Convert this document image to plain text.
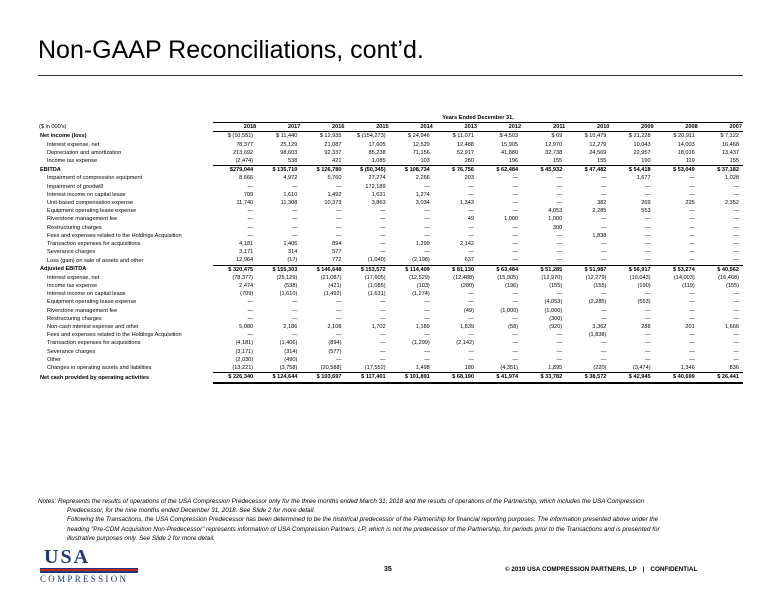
Non-GAAP Reconciliations, cont’d.
	Years Ended December 31,											
($ in 000's)	2018	2017	2016	2015	2014	2013	2012	2011	2010	2009	2008	2007
Net income (loss)	$ (10,551)	$ 11,440	$ 12,935	$ (154,273)	$ 24,946	$ 11,071	$ 4,503	$ 69	$ 10,479	$ 21,228	$ 20,911	$ 7,122
Interest expense, net	78,377	25,129	21,087	17,605	12,529	12,488	15,905	12,970	12,279	10,043	14,003	16,468
Depreciation and amortization	213,692	98,603	92,337	85,238	71,156	52,917	41,880	32,738	24,569	22,957	18,016	13,437
Income tax expense	(2,474)	538	421	1,085	103	280	196	155	155	190	119	155
EBITDA	$279,044	$ 135,710	$ 126,780	$ (50,345)	$ 108,734	$ 76,756	$ 62,484	$ 45,932	$ 47,482	$ 54,418	$ 53,049	$ 37,182
Impairment of compression equipment	8,666	4,972	5,760	27,274	2,266	203	—	—	—	1,677	—	1,028
Impairment of goodwill	—	—	—	172,189	—	—	—	—	—	—	—	—
Interest income on capital lease	709	1,610	1,492	1,631	1,274	—	—	—	—	—	—	—
Unit-based compensation expense	11,740	11,308	10,373	3,863	3,034	1,343	—	—	382	269	225	2,352
Equipment operating lease expense	—	—	—	—	—	—	—	4,053	2,285	553	—	—
Riverstone management fee	—	—	—	—	—	49	1,000	1,000	—	—	—	—
Restructuring charges	—	—	—	—	—	—	—	300	—	—	—	—
Fees and expenses related to the Holdings Acquisition	—	—	—	—	—	—	—	—	1,838	—	—	—
Transaction expenses for acquisitions	4,181	1,406	894	—	1,299	2,142	—	—	—	—	—	—
Severance charges	3,171	314	577	—	—	—	—	—	—	—	—	—
Loss (gain) on sale of assets and other	12,964	(17)	772	(1,040)	(2,198)	637	—	—	—	—	—	—
Adjusted EBITDA	$ 320,475	$ 155,303	$ 146,648	$ 153,572	$ 114,409	$ 81,130	$ 63,484	$ 51,285	$ 51,987	$ 56,917	$ 53,274	$ 40,562
Interest expense, net	(78,377)	(25,129)	(21,087)	(17,605)	(12,529)	(12,488)	(15,905)	(12,970)	(12,279)	(10,043)	(14,003)	(16,468)
Income tax expense	2,474	(538)	(421)	(1,085)	(103)	(280)	(196)	(155)	(155)	(190)	(119)	(155)
Interest income on capital lease	(709)	(1,610)	(1,492)	(1,631)	(1,274)	—	—	—	—	—	—	—
Equipment operating lease expense	—	—	—	—	—	—	—	(4,053)	(2,285)	(553)	—	—
Riverstone management fee	—	—	—	—	—	(49)	(1,000)	(1,000)	—	—	—	—
Restructuring charges	—	—	—	—	—	—	—	(300)	—	—	—	—
Non-cash interest expense and other	5,080	2,186	2,108	1,702	1,189	1,839	(58)	(920)	3,362	288	201	1,666
Fees and expenses related to the Holdings Acquisition	—	—	—	—	—	—	—	—	(1,838)	—	—	—
Transaction expenses for acquisitions	(4,181)	(1,406)	(894)	—	(1,299)	(2,142)	—	—	—	—	—	—
Severance charges	(3,171)	(314)	(577)	—	—	—	—	—	—	—	—	—
Other	(2,030)	(490)	—	—	—	—	—	—	—	—	—	—
Changes in operating assets and liabilities	(13,221)	(3,758)	(20,588)	(17,552)	1,498	180	(4,351)	1,895	(220)	(3,474)	1,346	836
Net cash provided by operating activities	$ 226,340	$ 124,644	$ 103,697	$ 117,401	$ 101,891	$ 68,190	$ 41,974	$ 33,782	$ 38,572	$ 42,945	$ 40,699	$ 26,441
Notes: Represents the results of operations of the USA Compression Predecessor only for the three months ended March 31, 2018 and the results of operations of the Partnership, which includes the USA Compression

Predecessor, for the nine months ended December 31, 2018. See Slide 2 for more detail.
Following the Transactions, the USA Compression Predecessor has been determined to be the historical predecessor of the Partnership for financial reporting purposes. The information presented above under the
heading “Pre-CDM Acquisition Non-Predecessor” represents information of USA Compression Partners, LP, which is not the predecessor of the Partnership, for periods prior to the Transactions and is presented for
illustrative purposes only. See Slide 2 for more detail.
USA
COMPRESSION
35	© 2019 USA COMPRESSION PARTNERS, LP | CONFIDENTIAL
